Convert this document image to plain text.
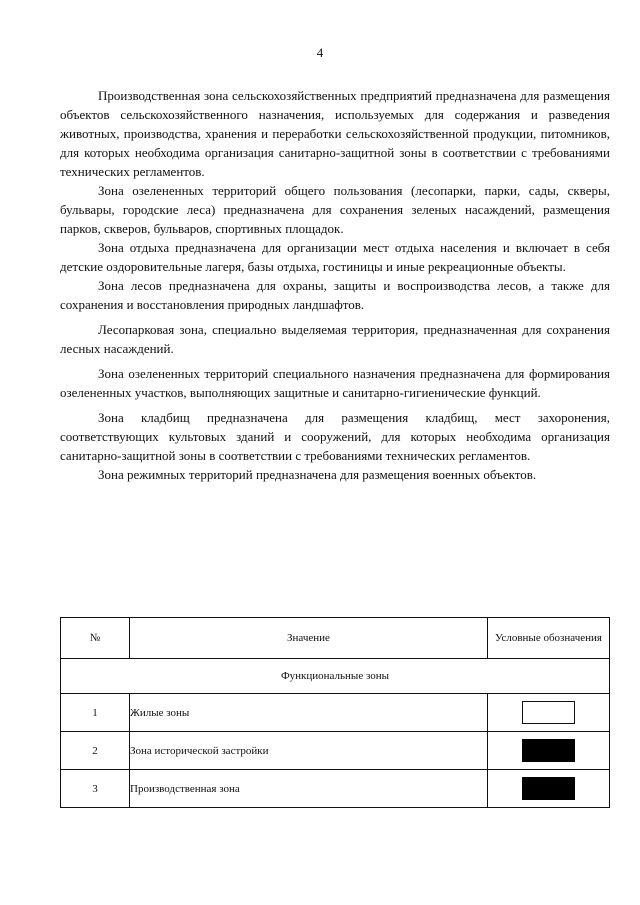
4

Производственная зона сельскохозяйственных предприятий предназначена для размещения объектов сельскохозяйственного назначения, используемых для содержания и разведения животных, производства, хранения и переработки сельскохозяйственной продукции, питомников, для которых необходима организация санитарно-защитной зоны в соответствии с требованиями технических регламентов.

Зона озелененных территорий общего пользования (лесопарки, парки, сады, скверы, бульвары, городские леса) предназначена для сохранения зеленых насаждений, размещения парков, скверов, бульваров, спортивных площадок.

Зона отдыха предназначена для организации мест отдыха населения и включает в себя детские оздоровительные лагеря, базы отдыха, гостиницы и иные рекреационные объекты.

Зона лесов предназначена для охраны, защиты и воспроизводства лесов, а также для сохранения и восстановления природных ландшафтов.

Лесопарковая зона, специально выделяемая территория, предназначенная для сохранения лесных насаждений.

Зона озелененных территорий специального назначения предназначена для формирования озелененных участков, выполняющих защитные и санитарно-гигиенические функций.

Зона кладбищ предназначена для размещения кладбищ, мест захоронения, соответствующих культовых зданий и сооружений, для которых необходима организация санитарно-защитной зоны в соответствии с требованиями технических регламентов.

Зона режимных территорий предназначена для размещения военных объектов.

№	Значение	Условные обозначения
Функциональные зоны		
1	Жилые зоны	
2	Зона исторической застройки	
3	Производственная зона	
